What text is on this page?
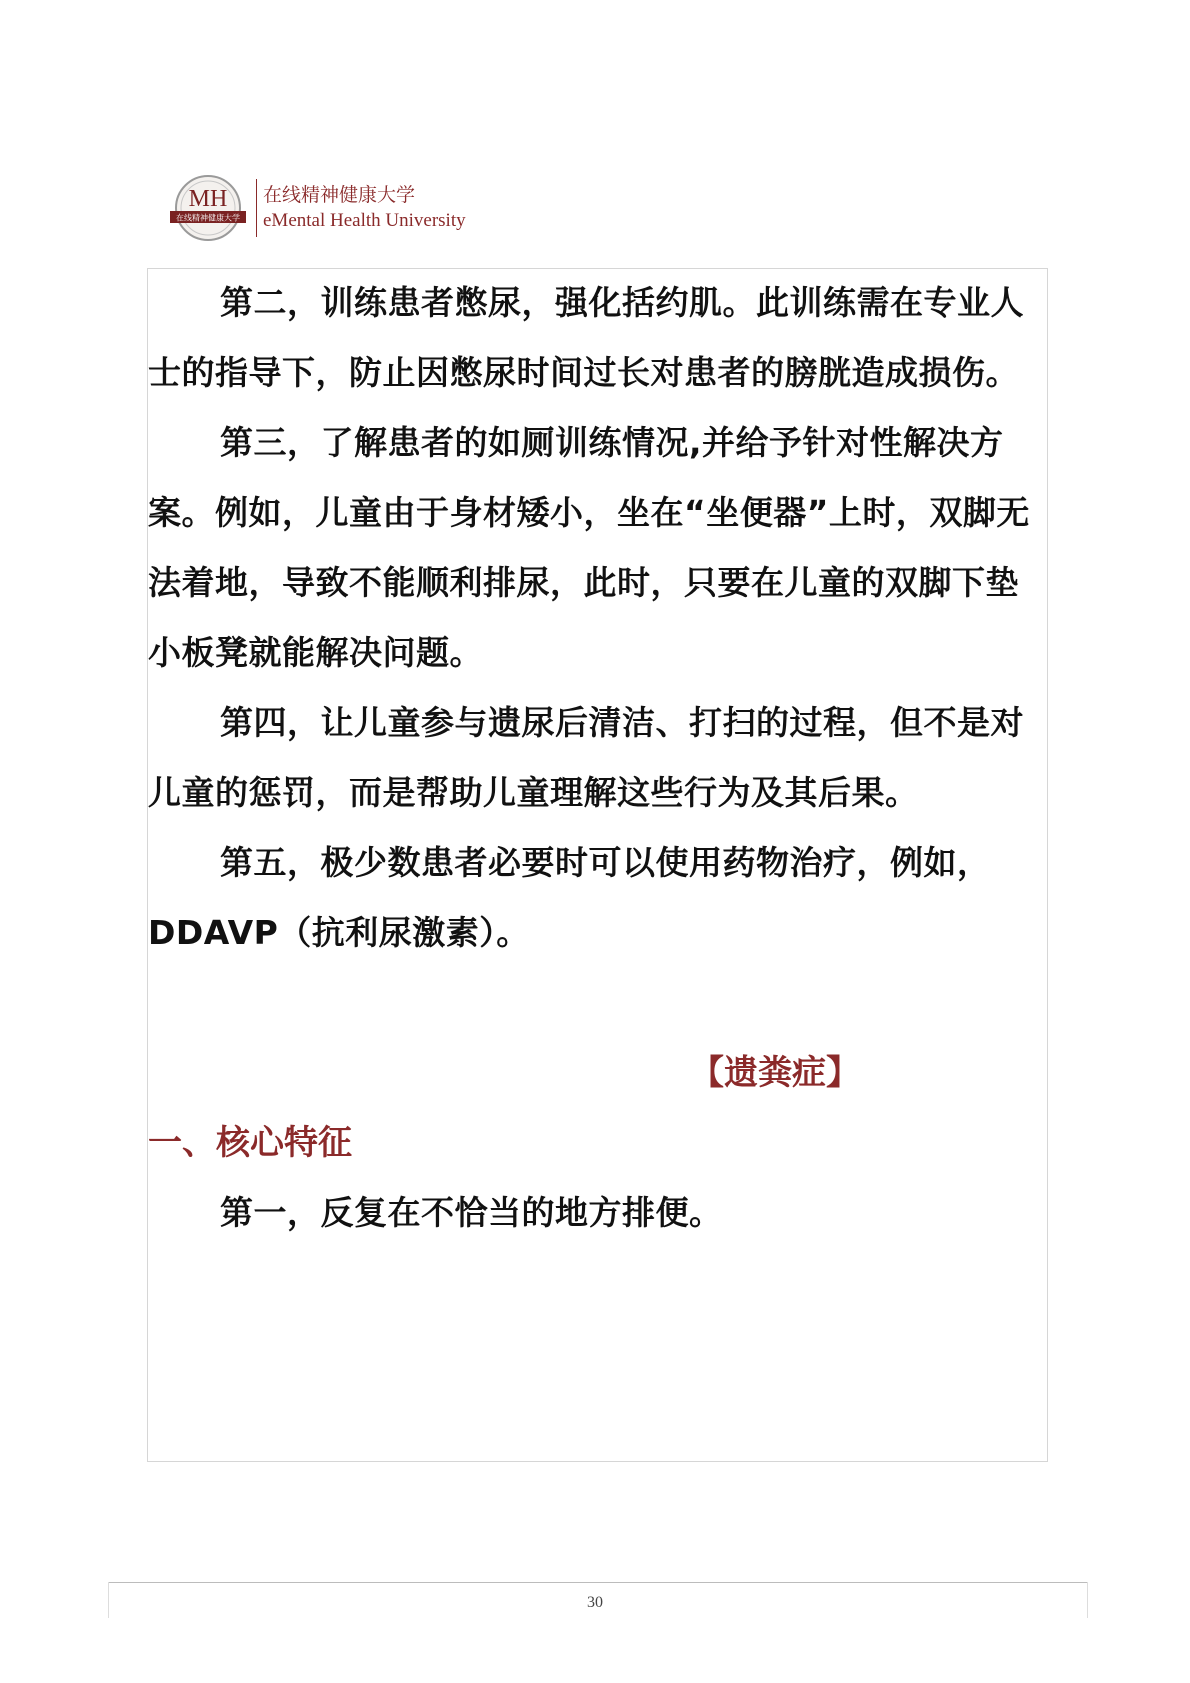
MH
在线精神健康大学
在线精神健康大学
eMental Health University

第二，训练患者憋尿，强化括约肌。此训练需在专业人士的指导下，防止因憋尿时间过长对患者的膀胱造成损伤。

第三，了解患者的如厕训练情况,并给予针对性解决方案。例如，儿童由于身材矮小，坐在“坐便器”上时，双脚无法着地，导致不能顺利排尿，此时，只要在儿童的双脚下垫小板凳就能解决问题。

第四，让儿童参与遗尿后清洁、打扫的过程，但不是对儿童的惩罚，而是帮助儿童理解这些行为及其后果。

第五，极少数患者必要时可以使用药物治疗，例如，DDAVP（抗利尿激素）。

【遗粪症】

一、核心特征

第一，反复在不恰当的地方排便。

30
